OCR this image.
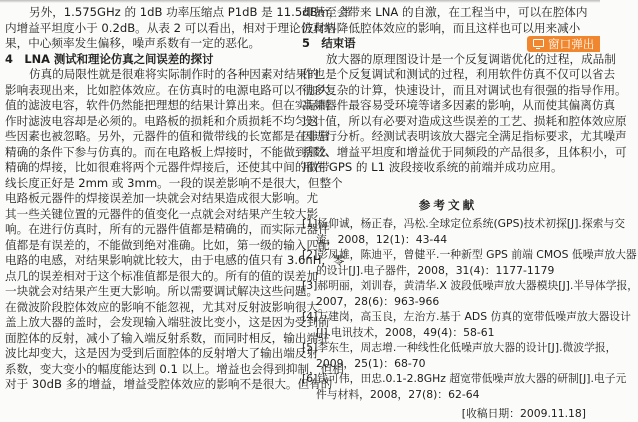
另外，1.575GHz 的 1dB 功率压缩点 P1dB 是 11.5dBm，带
内增益平坦度小于 0.2dB。从表 2 可以看出，相对于理论仿真结
果，中心频率发生偏移，噪声系数有一定的恶化。
4　LNA 测试和理论仿真之间误差的探讨
仿真的局限性就是很难将实际制作时的各种因素对结果的
影响表现出来，比如腔体效应。在仿真时的电源电路可以不加大
值的滤波电容，软件仍然能把理想的结果计算出来。但在实际制
作时滤波电容却是必须的。电路板的损耗和介质损耗不均匀这
些因素也被忽略。另外，元器件的值和微带线的长宽都是在非常
精确的条件下参与仿真的。而在电路板上焊接时，不能做到那么
精确的焊接，比如很难将两个元器件焊接后，还使其中间的微带
线长度正好是 2mm 或 3mm。一段的误差影响不是很大，但整个
电路板元器件的焊接误差加一块就会对结果造成很大影响。尤
其一些关键位置的元器件的值变化一点就会对结果产生较大影
响。在进行仿真时，所有的元器件值都是精确的，而实际元器件
值都是有误差的，不能做到绝对准确。比如，第一级的输入匹配
电路的电感，对结果影响就比较大，由于电感的值只有 3.6nH，零
点几的误差相对于这个标准值都是很大的。所有的值的误差加
一块就会对结果产生更大影响。所以需要调试解决这些问题。
在微波阶段腔体效应的影响不能忽视，尤其对反射波影响很大。
盖上放大器的盖时，会发现输入端驻波比变小，这是因为受到前
面腔体的反射，减小了输入端反射系数，而同时相反，输出端驻
波比却变大，这是因为受到后面腔体的反射增大了输出端反射
系数，变大变小的幅度能达到 0.1 以上。增益也会得到抑制，但相
对于 30dB 多的增益，增益受腔体效应的影响不是很大。但有的
却甚至会带来 LNA 的自激，在工程当中，可以在腔体内
波材料降低腔体效应的影响，而且这样也可以用来减小
5　结束语
放大器的原理图设计是一个反复调谐优化的过程，成品制
作也是个反复调试和测试的过程，利用软件仿真不仅可以省去
很多复杂的计算，快速设计，而且对调试也有很强的指导作用。
高频器件最容易受环境等诸多因素的影响，从而使其偏离仿真
设计值，所以有必要对造成这些误差的工艺、损耗和腔体效应原
因进行分析。经测试表明该放大器完全满足指标要求，尤其噪声
系数、增益平坦度和增益优于同频段的产品很多，且体积小，可
用在 GPS 的 L1 波段接收系统的前端并成功应用。
参考文献
[1]杨仰诚，杨正春，冯松.全球定位系统(GPS)技术初探[J].探索与交
流，2008，12(1)：43-44
[2]彭凤雄，陈迪平，曾健平.一种新型 GPS 前端 CMOS 低噪声放大器
的设计[J].电子器件，2008，31(4)：1177-1179
[3]郝明丽，刘训春，黄清华.X 波段低噪声放大器模块[J].半导体学报，
2007，28(6)：963-966
[4]万建岗，高玉良，左治方.基于 ADS 仿真的宽带低噪声放大器设计
[J].电讯技术，2008，49(4)：58-61
[5]李东生，周志增.一种线性化低噪声放大器的设计[J].微波学报，
2009，25(1)：68-70
[6]钱可伟，田忠.0.1-2.8GHz 超宽带低噪声放大器的研制[J].电子元
件与材料，2008，27(8)：62-64
[收稿日期：2009.11.18]
窗口弹出
